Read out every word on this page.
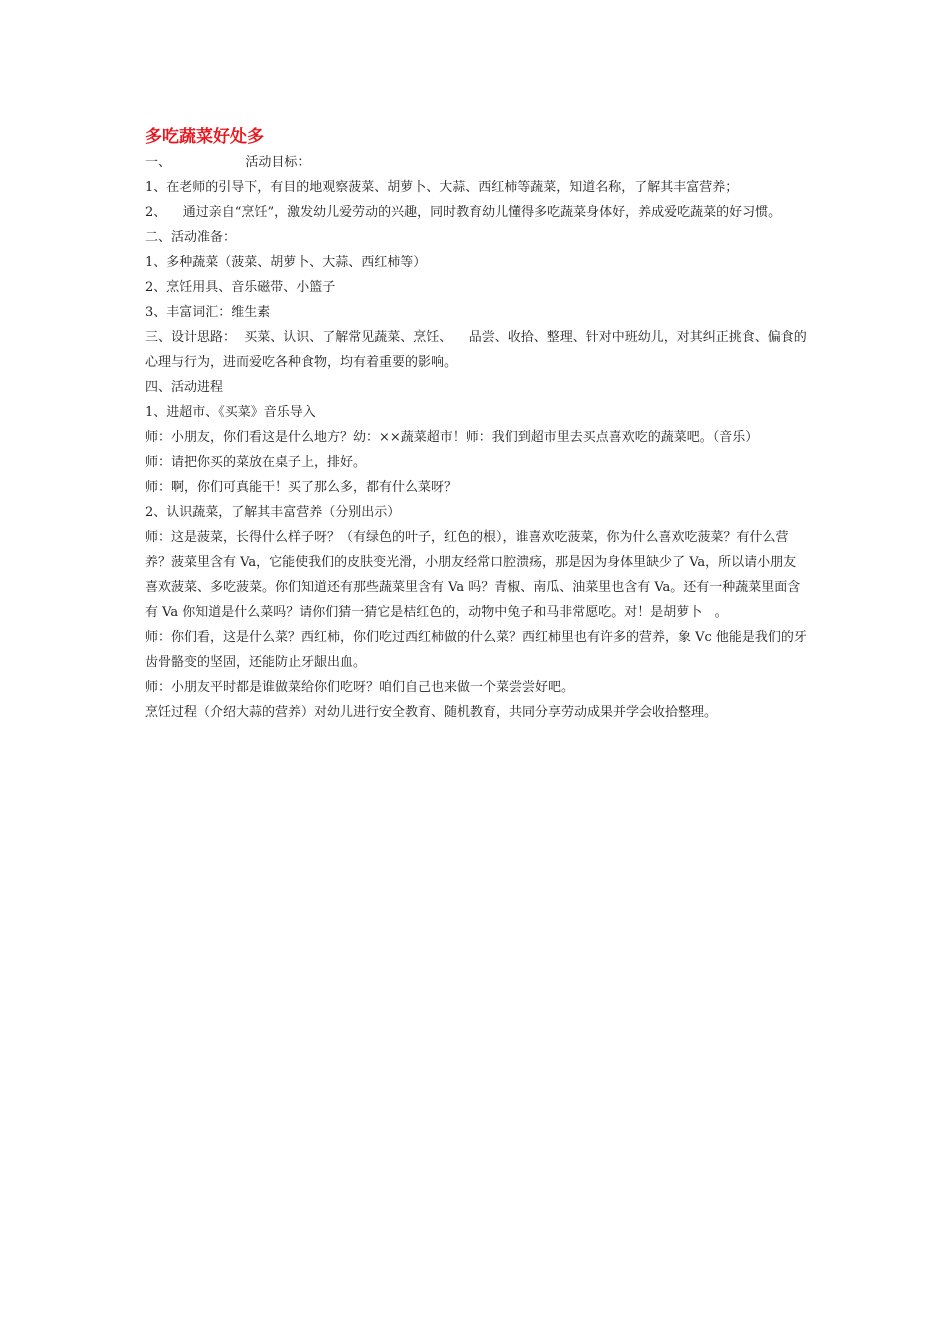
多吃蔬菜好处多

一、                  活动目标：

1、在老师的引导下，有目的地观察菠菜、胡萝卜、大蒜、西红柿等蔬菜，知道名称，了解其丰富营养；

2、    通过亲自“烹饪”，激发幼儿爱劳动的兴趣，同时教育幼儿懂得多吃蔬菜身体好，养成爱吃蔬菜的好习惯。

二、活动准备：

1、多种蔬菜（菠菜、胡萝卜、大蒜、西红柿等）

2、烹饪用具、音乐磁带、小篮子

3、丰富词汇：维生素

三、设计思路：  买菜、认识、了解常见蔬菜、烹饪、    品尝、收拾、整理、针对中班幼儿，对其纠正挑食、偏食的心理与行为，进而爱吃各种食物，均有着重要的影响。

四、活动进程

1、进超市、《买菜》音乐导入

师：小朋友，你们看这是什么地方？幼：××蔬菜超市！师：我们到超市里去买点喜欢吃的蔬菜吧。（音乐）

师：请把你买的菜放在桌子上，排好。

师：啊，你们可真能干！买了那么多，都有什么菜呀？

2、认识蔬菜，了解其丰富营养（分别出示）

师：这是菠菜，长得什么样子呀？（有绿色的叶子，红色的根），谁喜欢吃菠菜，你为什么喜欢吃菠菜？有什么营养？菠菜里含有 Va，它能使我们的皮肤变光滑，小朋友经常口腔溃疡，那是因为身体里缺少了 Va，所以请小朋友喜欢菠菜、多吃菠菜。你们知道还有那些蔬菜里含有 Va 吗？青椒、南瓜、油菜里也含有 Va。还有一种蔬菜里面含有 Va 你知道是什么菜吗？请你们猜一猜它是桔红色的，动物中兔子和马非常愿吃。对！是胡萝卜   。

师：你们看，这是什么菜？西红柿，你们吃过西红柿做的什么菜？西红柿里也有许多的营养，象 Vc 他能是我们的牙齿骨骼变的坚固，还能防止牙龈出血。

师：小朋友平时都是谁做菜给你们吃呀？咱们自己也来做一个菜尝尝好吧。

烹饪过程（介绍大蒜的营养）对幼儿进行安全教育、随机教育，共同分享劳动成果并学会收拾整理。
